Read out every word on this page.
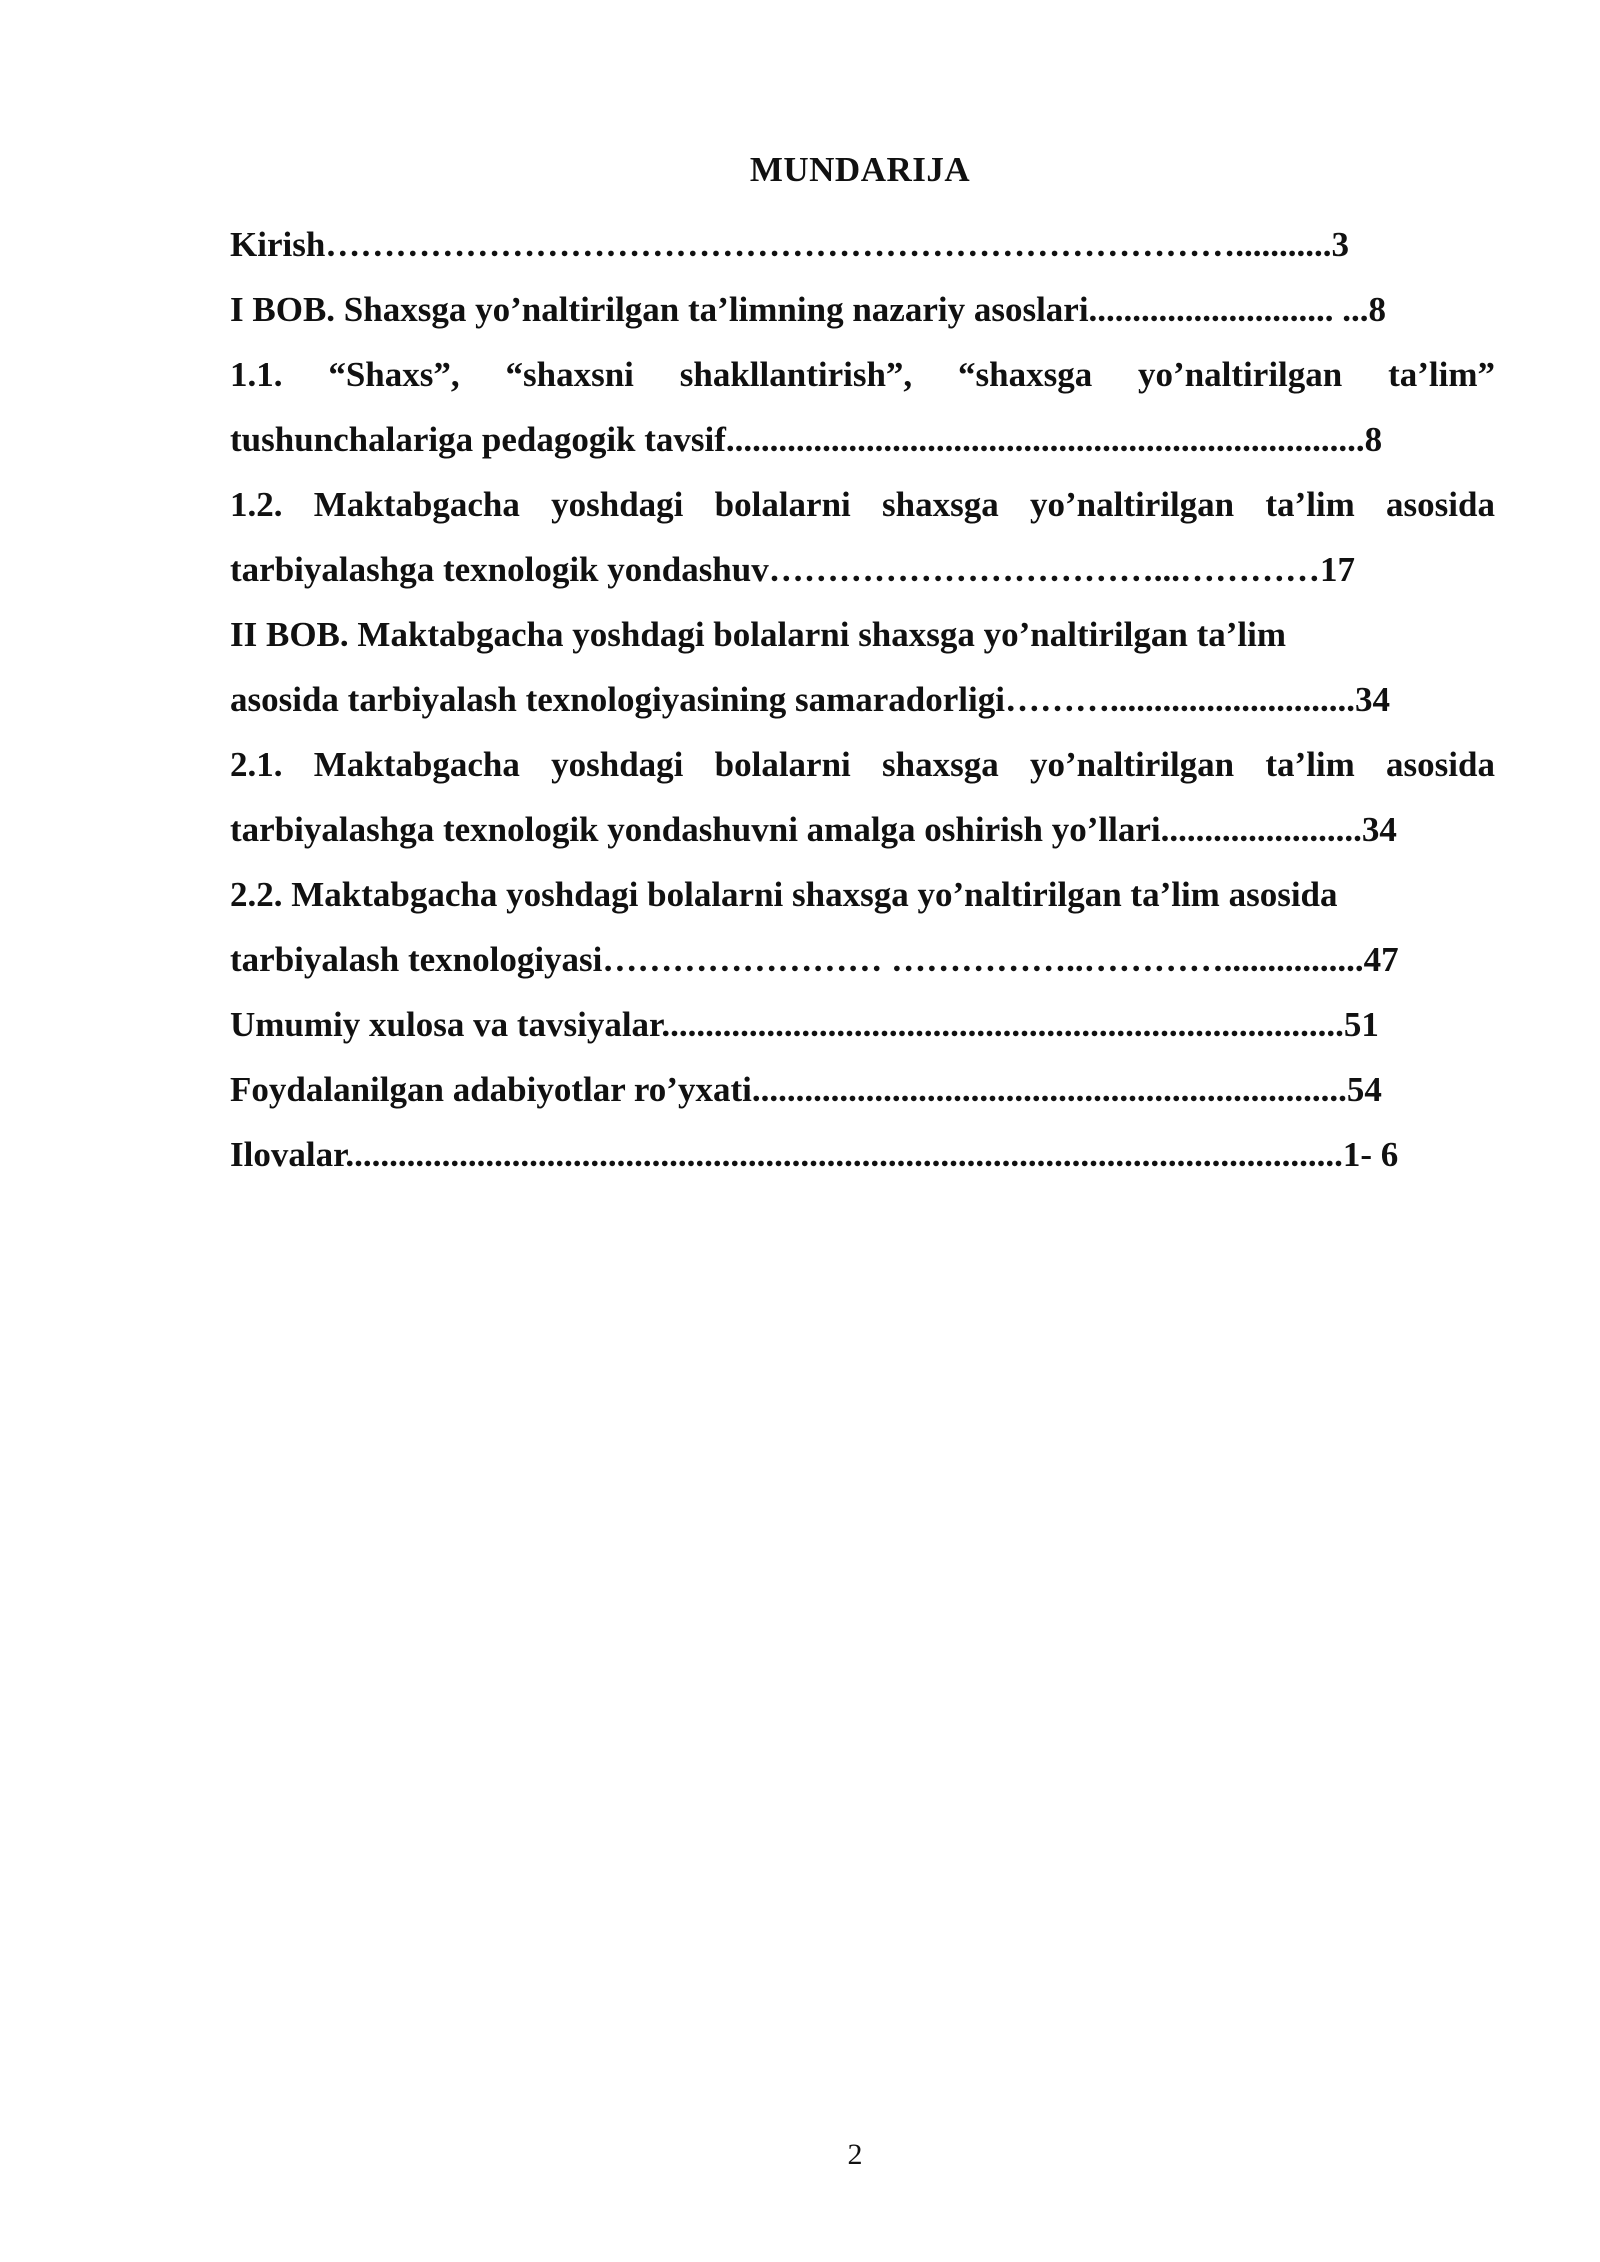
MUNDARIJA
Kirish……………………………………………………………………...........3
I BOB. Shaxsga yo’naltirilgan ta’limning nazariy asoslari............................ ...8
1.1. “Shaxs”, “shaxsni shakllantirish”, “shaxsga yo’naltirilgan ta’lim”
tushunchalariga pedagogik tavsif.........................................................................8
1.2. Maktabgacha yoshdagi bolalarni shaxsga yo’naltirilgan ta’lim asosida
tarbiyalashga texnologik yondashuv……………………………...…………17
II BOB. Maktabgacha yoshdagi bolalarni shaxsga yo’naltirilgan ta’lim
asosida tarbiyalash texnologiyasining samaradorligi………............................34
2.1. Maktabgacha yoshdagi bolalarni shaxsga yo’naltirilgan ta’lim asosida
tarbiyalashga texnologik yondashuvni amalga oshirish yo’llari.......................34
2.2. Maktabgacha yoshdagi bolalarni shaxsga yo’naltirilgan ta’lim asosida
tarbiyalash texnologiyasi…………………… ……………..…………................47
Umumiy xulosa va tavsiyalar..............................................................................51
Foydalanilgan adabiyotlar ro’yxati....................................................................54
Ilovalar..................................................................................................................1- 6
2
